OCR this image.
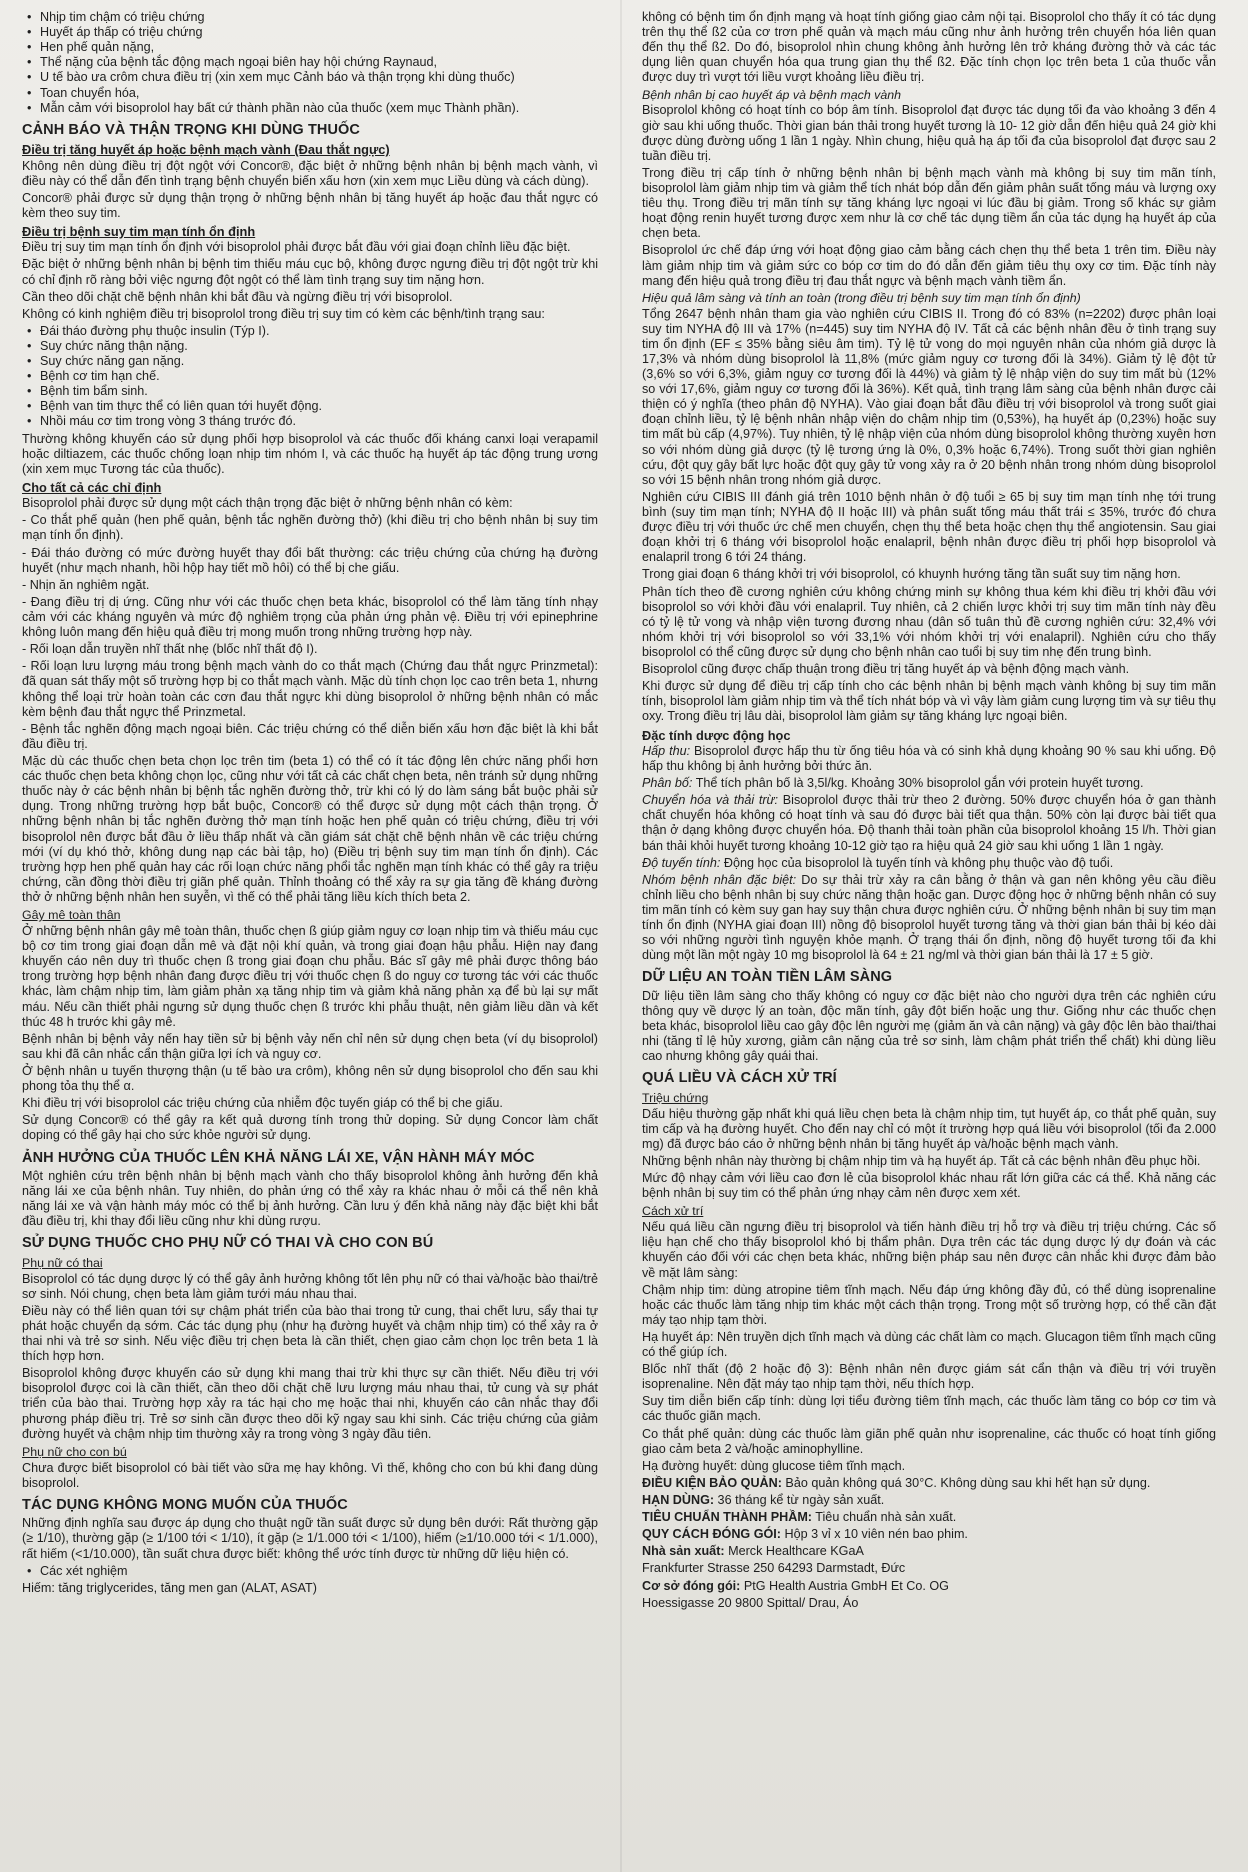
• Nhịp tim chậm có triệu chứng
• Huyết áp thấp có triệu chứng
• Hen phế quản nặng,
• Thể nặng của bệnh tắc động mạch ngoại biên hay hội chứng Raynaud,
• U tế bào ưa crôm chưa điều trị (xin xem mục Cảnh báo và thận trọng khi dùng thuốc)
• Toan chuyển hóa,
• Mẫn cảm với bisoprolol hay bất cứ thành phần nào của thuốc (xem mục Thành phần).
CẢNH BÁO VÀ THẬN TRỌNG KHI DÙNG THUỐC
Điều trị tăng huyết áp hoặc bệnh mạch vành (Đau thắt ngực)

Không nên dùng điều trị đột ngột với Concor®, đặc biệt ở những bệnh nhân bị bệnh mạch vành, vì điều này có thể dẫn đến tình trạng bệnh chuyển biến xấu hơn (xin xem mục Liều dùng và cách dùng).

Concor® phải được sử dụng thận trọng ở những bệnh nhân bị tăng huyết áp hoặc đau thắt ngực có kèm theo suy tim.

Điều trị bệnh suy tim mạn tính ổn định

Điều trị suy tim mạn tính ổn định với bisoprolol phải được bắt đầu với giai đoạn chỉnh liều đặc biệt.

Đặc biệt ở những bệnh nhân bị bệnh tim thiếu máu cục bộ, không được ngưng điều trị đột ngột trừ khi có chỉ định rõ ràng bởi việc ngưng đột ngột có thể làm tình trạng suy tim nặng hơn.

Cần theo dõi chặt chẽ bệnh nhân khi bắt đầu và ngừng điều trị với bisoprolol.

Không có kinh nghiệm điều trị bisoprolol trong điều trị suy tim có kèm các bệnh/tình trạng sau:

• Đái tháo đường phụ thuộc insulin (Týp I).
• Suy chức năng thận nặng.
• Suy chức năng gan nặng.
• Bệnh cơ tim hạn chế.
• Bệnh tim bẩm sinh.
• Bệnh van tim thực thể có liên quan tới huyết động.
• Nhồi máu cơ tim trong vòng 3 tháng trước đó.

Thường không khuyến cáo sử dụng phối hợp bisoprolol và các thuốc đối kháng canxi loại verapamil hoặc diltiazem, các thuốc chống loạn nhịp tim nhóm I, và các thuốc hạ huyết áp tác động trung ương (xin xem mục Tương tác của thuốc).

Cho tất cả các chỉ định

Bisoprolol phải được sử dụng một cách thận trọng đặc biệt ở những bệnh nhân có kèm:

- Co thắt phế quản (hen phế quản, bệnh tắc nghẽn đường thở) (khi điều trị cho bệnh nhân bị suy tim mạn tính ổn định).

- Đái tháo đường có mức đường huyết thay đổi bất thường: các triệu chứng của chứng hạ đường huyết (như mạch nhanh, hồi hộp hay tiết mồ hôi) có thể bị che giấu.

- Nhịn ăn nghiêm ngặt.

- Đang điều trị dị ứng. Cũng như với các thuốc chẹn beta khác, bisoprolol có thể làm tăng tính nhạy cảm với các kháng nguyên và mức độ nghiêm trọng của phản ứng phản vệ. Điều trị với epinephrine không luôn mang đến hiệu quả điều trị mong muốn trong những trường hợp này.

- Rối loạn dẫn truyền nhĩ thất nhẹ (blốc nhĩ thất độ I).

- Rối loạn lưu lượng máu trong bệnh mạch vành do co thắt mạch (Chứng đau thắt ngực Prinzmetal): đã quan sát thấy một số trường hợp bị co thắt mạch vành. Mặc dù tính chọn lọc cao trên beta 1, nhưng không thể loại trừ hoàn toàn các cơn đau thắt ngực khi dùng bisoprolol ở những bệnh nhân có mắc kèm bệnh đau thắt ngực thể Prinzmetal.

- Bệnh tắc nghẽn động mạch ngoại biên. Các triệu chứng có thể diễn biến xấu hơn đặc biệt là khi bắt đầu điều trị.

Mặc dù các thuốc chẹn beta chọn lọc trên tim (beta 1) có thể có ít tác động lên chức năng phổi hơn các thuốc chẹn beta không chọn lọc, cũng như với tất cả các chất chẹn beta, nên tránh sử dụng những thuốc này ở các bệnh nhân bị bệnh tắc nghẽn đường thở, trừ khi có lý do làm sáng bắt buộc phải sử dụng. Trong những trường hợp bắt buộc, Concor® có thể được sử dụng một cách thận trọng. Ở những bệnh nhân bị tắc nghẽn đường thở mạn tính hoặc hen phế quản có triệu chứng, điều trị với bisoprolol nên được bắt đầu ở liều thấp nhất và cần giám sát chặt chẽ bệnh nhân về các triệu chứng mới (ví dụ khó thở, không dung nạp các bài tập, ho) (Điều trị bệnh suy tim mạn tính ổn định). Các trường hợp hen phế quản hay các rối loạn chức năng phổi tắc nghẽn mạn tính khác có thể gây ra triệu chứng, cần đồng thời điều trị giãn phế quản. Thỉnh thoảng có thể xảy ra sự gia tăng đề kháng đường thở ở những bệnh nhân hen suyễn, vì thế có thể phải tăng liều kích thích beta 2.

Gây mê toàn thân

Ở những bệnh nhân gây mê toàn thân, thuốc chẹn ß giúp giảm nguy cơ loạn nhịp tim và thiếu máu cục bộ cơ tim trong giai đoạn dẫn mê và đặt nội khí quản, và trong giai đoạn hậu phẫu. Hiện nay đang khuyến cáo nên duy trì thuốc chẹn ß trong giai đoạn chu phẫu. Bác sĩ gây mê phải được thông báo trong trường hợp bệnh nhân đang được điều trị với thuốc chẹn ß do nguy cơ tương tác với các thuốc khác, làm chậm nhịp tim, làm giảm phản xạ tăng nhịp tim và giảm khả năng phản xạ để bù lại sự mất máu. Nếu cần thiết phải ngưng sử dụng thuốc chẹn ß trước khi phẫu thuật, nên giảm liều dần và kết thúc 48 h trước khi gây mê.

Bệnh nhân bị bệnh vảy nến hay tiền sử bị bệnh vảy nến chỉ nên sử dụng chẹn beta (ví dụ bisoprolol) sau khi đã cân nhắc cẩn thận giữa lợi ích và nguy cơ.

Ở bệnh nhân u tuyến thượng thận (u tế bào ưa crôm), không nên sử dụng bisoprolol cho đến sau khi phong tỏa thụ thể α.

Khi điều trị với bisoprolol các triệu chứng của nhiễm độc tuyến giáp có thể bị che giấu.

Sử dụng Concor® có thể gây ra kết quả dương tính trong thử doping. Sử dụng Concor làm chất doping có thể gây hại cho sức khỏe người sử dụng.

ẢNH HƯỞNG CỦA THUỐC LÊN KHẢ NĂNG LÁI XE, VẬN HÀNH MÁY MÓC

Một nghiên cứu trên bệnh nhân bị bệnh mạch vành cho thấy bisoprolol không ảnh hưởng đến khả năng lái xe của bệnh nhân. Tuy nhiên, do phản ứng có thể xảy ra khác nhau ở mỗi cá thể nên khả năng lái xe và vận hành máy móc có thể bị ảnh hưởng. Cần lưu ý đến khả năng này đặc biệt khi bắt đầu điều trị, khi thay đổi liều cũng như khi dùng rượu.

SỬ DỤNG THUỐC CHO PHỤ NỮ CÓ THAI VÀ CHO CON BÚ
Phụ nữ có thai

Bisoprolol có tác dụng dược lý có thể gây ảnh hưởng không tốt lên phụ nữ có thai và/hoặc bào thai/trẻ sơ sinh. Nói chung, chẹn beta làm giảm tưới máu nhau thai.

Điều này có thể liên quan tới sự chậm phát triển của bào thai trong tử cung, thai chết lưu, sẩy thai tự phát hoặc chuyển dạ sớm. Các tác dụng phụ (như hạ đường huyết và chậm nhịp tim) có thể xảy ra ở thai nhi và trẻ sơ sinh. Nếu việc điều trị chẹn beta là cần thiết, chẹn giao cảm chọn lọc trên beta 1 là thích hợp hơn.

Bisoprolol không được khuyến cáo sử dụng khi mang thai trừ khi thực sự cần thiết. Nếu điều trị với bisoprolol được coi là cần thiết, cần theo dõi chặt chẽ lưu lượng máu nhau thai, tử cung và sự phát triển của bào thai. Trường hợp xảy ra tác hại cho mẹ hoặc thai nhi, khuyến cáo cân nhắc thay đổi phương pháp điều trị. Trẻ sơ sinh cần được theo dõi kỹ ngay sau khi sinh. Các triệu chứng của giảm đường huyết và chậm nhịp tim thường xảy ra trong vòng 3 ngày đầu tiên.

Phụ nữ cho con bú

Chưa được biết bisoprolol có bài tiết vào sữa mẹ hay không. Vì thế, không cho con bú khi đang dùng bisoprolol.

TÁC DỤNG KHÔNG MONG MUỐN CỦA THUỐC

Những định nghĩa sau được áp dụng cho thuật ngữ tần suất được sử dụng bên dưới: Rất thường gặp (≥ 1/10), thường gặp (≥ 1/100 tới < 1/10), ít gặp (≥ 1/1.000 tới < 1/100), hiếm (≥1/10.000 tới < 1/1.000), rất hiếm (<1/10.000), tần suất chưa được biết: không thể ước tính được từ những dữ liệu hiện có.

• Các xét nghiệm

Hiếm: tăng triglycerides, tăng men gan (ALAT, ASAT)

không có bệnh tim ổn định mạng và hoạt tính giống giao cảm nội tại. Bisoprolol cho thấy ít có tác dụng trên thụ thể ß2 của cơ trơn phế quản và mạch máu cũng như ảnh hưởng trên chuyển hóa liên quan đến thụ thể ß2. Do đó, bisoprolol nhìn chung không ảnh hưởng lên trở kháng đường thở và các tác dụng liên quan chuyển hóa qua trung gian thụ thể ß2. Đặc tính chọn lọc trên beta 1 của thuốc vẫn được duy trì vượt tới liều vượt khoảng liều điều trị.

Bệnh nhân bị cao huyết áp và bệnh mạch vành

Bisoprolol không có hoạt tính co bóp âm tính. Bisoprolol đạt được tác dụng tối đa vào khoảng 3 đến 4 giờ sau khi uống thuốc. Thời gian bán thải trong huyết tương là 10- 12 giờ dẫn đến hiệu quả 24 giờ khi được dùng đường uống 1 lần 1 ngày. Nhìn chung, hiệu quả hạ áp tối đa của bisoprolol đạt được sau 2 tuần điều trị.

Trong điều trị cấp tính ở những bệnh nhân bị bệnh mạch vành mà không bị suy tim mãn tính, bisoprolol làm giảm nhịp tim và giảm thể tích nhát bóp dẫn đến giảm phân suất tống máu và lượng oxy tiêu thụ. Trong điều trị mãn tính sự tăng kháng lực ngoại vi lúc đầu bị giảm. Trong số khác sự giảm hoạt động renin huyết tương được xem như là cơ chế tác dụng tiềm ẩn của tác dụng hạ huyết áp của chẹn beta.

Bisoprolol ức chế đáp ứng với hoạt động giao cảm bằng cách chẹn thụ thể beta 1 trên tim. Điều này làm giảm nhịp tim và giảm sức co bóp cơ tim do đó dẫn đến giảm tiêu thụ oxy cơ tim. Đặc tính này mang đến hiệu quả trong điều trị đau thắt ngực và bệnh mạch vành tiềm ẩn.

Hiệu quả lâm sàng và tính an toàn (trong điều trị bệnh suy tim mạn tính ổn định)

Tổng 2647 bệnh nhân tham gia vào nghiên cứu CIBIS II. Trong đó có 83% (n=2202) được phân loại suy tim NYHA độ III và 17% (n=445) suy tim NYHA độ IV. Tất cả các bệnh nhân đều ở tình trạng suy tim ổn định (EF ≤ 35% bằng siêu âm tim). Tỷ lệ tử vong do mọi nguyên nhân của nhóm giả dược là 17,3% và nhóm dùng bisoprolol là 11,8% (mức giảm nguy cơ tương đối là 34%). Giảm tỷ lệ đột tử (3,6% so với 6,3%, giảm nguy cơ tương đối là 44%) và giảm tỷ lệ nhập viện do suy tim mất bù (12% so với 17,6%, giảm nguy cơ tương đối là 36%). Kết quả, tình trạng lâm sàng của bệnh nhân được cải thiện có ý nghĩa (theo phân độ NYHA). Vào giai đoạn bắt đầu điều trị với bisoprolol và trong suốt giai đoạn chỉnh liều, tỷ lệ bệnh nhân nhập viện do chậm nhịp tim (0,53%), hạ huyết áp (0,23%) hoặc suy tim mất bù cấp (4,97%). Tuy nhiên, tỷ lệ nhập viện của nhóm dùng bisoprolol không thường xuyên hơn so với nhóm dùng giả dược (tỷ lệ tương ứng là 0%, 0,3% hoặc 6,74%). Trong suốt thời gian nghiên cứu, đột quỵ gây bất lực hoặc đột quỵ gây tử vong xảy ra ở 20 bệnh nhân trong nhóm dùng bisoprolol so với 15 bệnh nhân trong nhóm giả dược.

Nghiên cứu CIBIS III đánh giá trên 1010 bệnh nhân ở độ tuổi ≥ 65 bị suy tim mạn tính nhẹ tới trung bình (suy tim mạn tính; NYHA độ II hoặc III) và phân suất tống máu thất trái ≤ 35%, trước đó chưa được điều trị với thuốc ức chế men chuyển, chẹn thụ thể beta hoặc chẹn thụ thể angiotensin. Sau giai đoạn khởi trị 6 tháng với bisoprolol hoặc enalapril, bệnh nhân được điều trị phối hợp bisoprolol và enalapril trong 6 tới 24 tháng.

Trong giai đoạn 6 tháng khởi trị với bisoprolol, có khuynh hướng tăng tần suất suy tim nặng hơn.

Phân tích theo đề cương nghiên cứu không chứng minh sự không thua kém khi điều trị khởi đầu với bisoprolol so với khởi đầu với enalapril. Tuy nhiên, cả 2 chiến lược khởi trị suy tim mãn tính này đều có tỷ lệ tử vong và nhập viện tương đương nhau (dân số tuân thủ đề cương nghiên cứu: 32,4% với nhóm khởi trị với bisoprolol so với 33,1% với nhóm khởi trị với enalapril). Nghiên cứu cho thấy bisoprolol có thể cũng được sử dụng cho bệnh nhân cao tuổi bị suy tim nhẹ đến trung bình.

Bisoprolol cũng được chấp thuận trong điều trị tăng huyết áp và bệnh động mạch vành.

Khi được sử dụng để điều trị cấp tính cho các bệnh nhân bị bệnh mạch vành không bị suy tim mãn tính, bisoprolol làm giảm nhịp tim và thể tích nhát bóp và vì vậy làm giảm cung lượng tim và sự tiêu thụ oxy. Trong điều trị lâu dài, bisoprolol làm giảm sự tăng kháng lực ngoại biên.

Đặc tính dược động học

Hấp thu: Bisoprolol được hấp thu từ ống tiêu hóa và có sinh khả dụng khoảng 90 % sau khi uống. Độ hấp thu không bị ảnh hưởng bởi thức ăn.

Phân bố: Thể tích phân bố là 3,5l/kg. Khoảng 30% bisoprolol gắn với protein huyết tương.

Chuyển hóa và thải trừ: Bisoprolol được thải trừ theo 2 đường. 50% được chuyển hóa ở gan thành chất chuyển hóa không có hoạt tính và sau đó được bài tiết qua thận. 50% còn lại được bài tiết qua thận ở dạng không được chuyển hóa. Độ thanh thải toàn phần của bisoprolol khoảng 15 l/h. Thời gian bán thải khỏi huyết tương khoảng 10-12 giờ tạo ra hiệu quả 24 giờ sau khi uống 1 lần 1 ngày.

Độ tuyến tính: Động học của bisoprolol là tuyến tính và không phụ thuộc vào độ tuổi.

Nhóm bệnh nhân đặc biệt: Do sự thải trừ xảy ra cân bằng ở thận và gan nên không yêu cầu điều chỉnh liều cho bệnh nhân bị suy chức năng thận hoặc gan. Dược động học ở những bệnh nhân có suy tim mãn tính có kèm suy gan hay suy thận chưa được nghiên cứu. Ở những bệnh nhân bị suy tim mạn tính ổn định (NYHA giai đoạn III) nồng độ bisoprolol huyết tương tăng và thời gian bán thải bị kéo dài so với những người tình nguyện khỏe mạnh. Ở trạng thái ổn định, nồng độ huyết tương tối đa khi dùng một lần một ngày 10 mg bisoprolol là 64 ± 21 ng/ml và thời gian bán thải là 17 ± 5 giờ.

DỮ LIỆU AN TOÀN TIỀN LÂM SÀNG

Dữ liệu tiền lâm sàng cho thấy không có nguy cơ đặc biệt nào cho người dựa trên các nghiên cứu thông quy về dược lý an toàn, độc mãn tính, gây đột biến hoặc ung thư. Giống như các thuốc chẹn beta khác, bisoprolol liều cao gây độc lên người mẹ (giảm ăn và cân nặng) và gây độc lên bào thai/thai nhi (tăng tỉ lệ hủy xương, giảm cân nặng của trẻ sơ sinh, làm chậm phát triển thể chất) khi dùng liều cao nhưng không gây quái thai.

QUÁ LIỀU VÀ CÁCH XỬ TRÍ
Triệu chứng

Dấu hiệu thường gặp nhất khi quá liều chẹn beta là chậm nhịp tim, tụt huyết áp, co thắt phế quản, suy tim cấp và hạ đường huyết. Cho đến nay chỉ có một ít trường hợp quá liều với bisoprolol (tối đa 2.000 mg) đã được báo cáo ở những bệnh nhân bị tăng huyết áp và/hoặc bệnh mạch vành.

Những bệnh nhân này thường bị chậm nhịp tim và hạ huyết áp. Tất cả các bệnh nhân đều phục hồi.

Mức độ nhạy cảm với liều cao đơn lẻ của bisoprolol khác nhau rất lớn giữa các cá thể. Khả năng các bệnh nhân bị suy tim có thể phản ứng nhạy cảm nên được xem xét.

Cách xử trí

Nếu quá liều cần ngưng điều trị bisoprolol và tiến hành điều trị hỗ trợ và điều trị triệu chứng. Các số liệu hạn chế cho thấy bisoprolol khó bị thẩm phân. Dựa trên các tác dụng dược lý dự đoán và các khuyến cáo đối với các chẹn beta khác, những biện pháp sau nên được cân nhắc khi được đảm bảo về mặt lâm sàng:

Chậm nhịp tim: dùng atropine tiêm tĩnh mạch. Nếu đáp ứng không đầy đủ, có thể dùng isoprenaline hoặc các thuốc làm tăng nhịp tim khác một cách thận trọng. Trong một số trường hợp, có thể cần đặt máy tạo nhịp tạm thời.

Hạ huyết áp: Nên truyền dịch tĩnh mạch và dùng các chất làm co mạch. Glucagon tiêm tĩnh mạch cũng có thể giúp ích.

Blốc nhĩ thất (độ 2 hoặc độ 3): Bệnh nhân nên được giám sát cẩn thận và điều trị với truyền isoprenaline. Nên đặt máy tạo nhịp tạm thời, nếu thích hợp.

Suy tim diễn biến cấp tính: dùng lợi tiểu đường tiêm tĩnh mạch, các thuốc làm tăng co bóp cơ tim và các thuốc giãn mạch.

Co thắt phế quản: dùng các thuốc làm giãn phế quản như isoprenaline, các thuốc có hoạt tính giống giao cảm beta 2 và/hoặc aminophylline.

Hạ đường huyết: dùng glucose tiêm tĩnh mạch.

ĐIỀU KIỆN BẢO QUẢN: Bảo quản không quá 30°C. Không dùng sau khi hết hạn sử dụng.

HẠN DÙNG: 36 tháng kể từ ngày sản xuất.

TIÊU CHUẨN THÀNH PHẦM: Tiêu chuẩn nhà sản xuất.

QUY CÁCH ĐÓNG GÓI: Hộp 3 vỉ x 10 viên nén bao phim.

Nhà sản xuất: Merck Healthcare KGaA

Frankfurter Strasse 250 64293 Darmstadt, Đức

Cơ sở đóng gói: PtG Health Austria GmbH Et Co. OG

Hoessigasse 20 9800 Spittal/ Drau, Áo
